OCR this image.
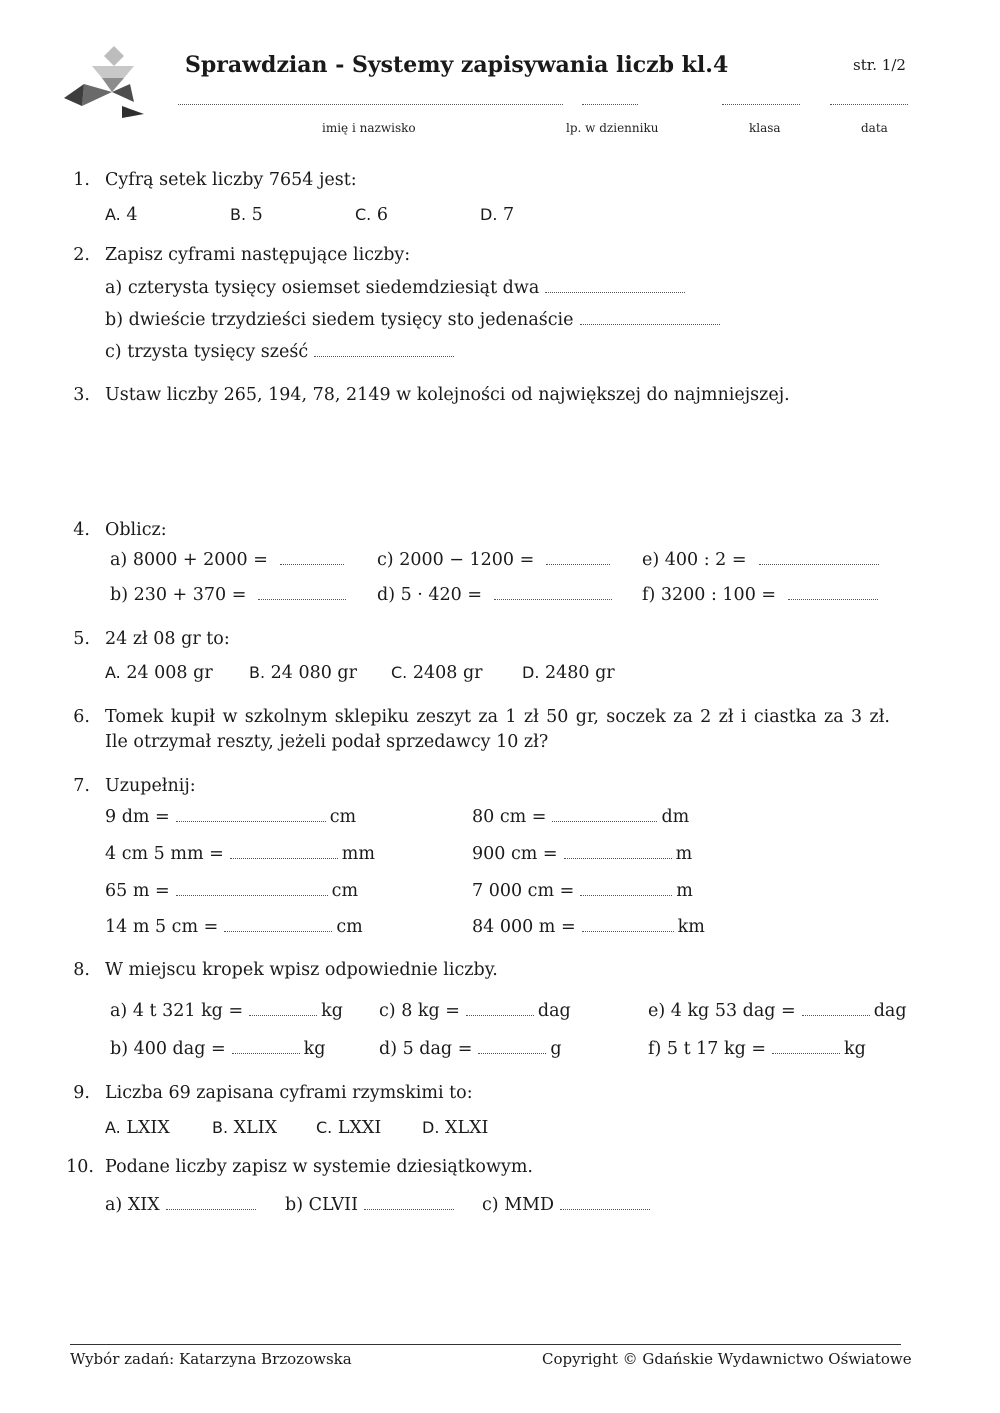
Sprawdzian - Systemy zapisywania liczb kl.4	str. 1/2
imię i nazwisko	lp. w dzienniku	klasa	data
1. Cyfrą setek liczby 7654 jest:
A. 4	B. 5	C. 6	D. 7
2. Zapisz cyframi następujące liczby:
a) czterysta tysięcy osiemset siedemdziesiąt dwa
b) dwieście trzydzieści siedem tysięcy sto jedenaście
c) trzysta tysięcy sześć
3. Ustaw liczby 265, 194, 78, 2149 w kolejności od największej do najmniejszej.
4. Oblicz:
a) 8000 + 2000 =	c) 2000 − 1200 =	e) 400 : 2 =
b) 230 + 370 =	d) 5 · 420 =	f) 3200 : 100 =
5. 24 zł 08 gr to:
A. 24 008 gr B. 24 080 gr C. 2408 gr D. 2480 gr
6. Tomek kupił w szkolnym sklepiku zeszyt za 1 zł 50 gr, soczek za 2 zł i ciastka za 3 zł.
Ile otrzymał reszty, jeżeli podał sprzedawcy 10 zł?
7. Uzupełnij:
9 dm =	cm	80 cm =	dm
4 cm 5 mm =	mm	900 cm =	m
65 m =	cm	7 000 cm =	m
14 m 5 cm =	cm	84 000 m =	km
8. W miejscu kropek wpisz odpowiednie liczby.
a) 4 t 321 kg =	kg c) 8 kg =	dag	e) 4 kg 53 dag =	dag
b) 400 dag =	kg	d) 5 dag =	g	f) 5 t 17 kg =	kg
9. Liczba 69 zapisana cyframi rzymskimi to:
A. LXIX	B. XLIX C. LXXI	D. XLXI
10. Podane liczby zapisz w systemie dziesiątkowym.
a) XIX	b) CLVII	c) MMD
Wybór zadań: Katarzyna Brzozowska	Copyright © Gdańskie Wydawnictwo Oświatowe
